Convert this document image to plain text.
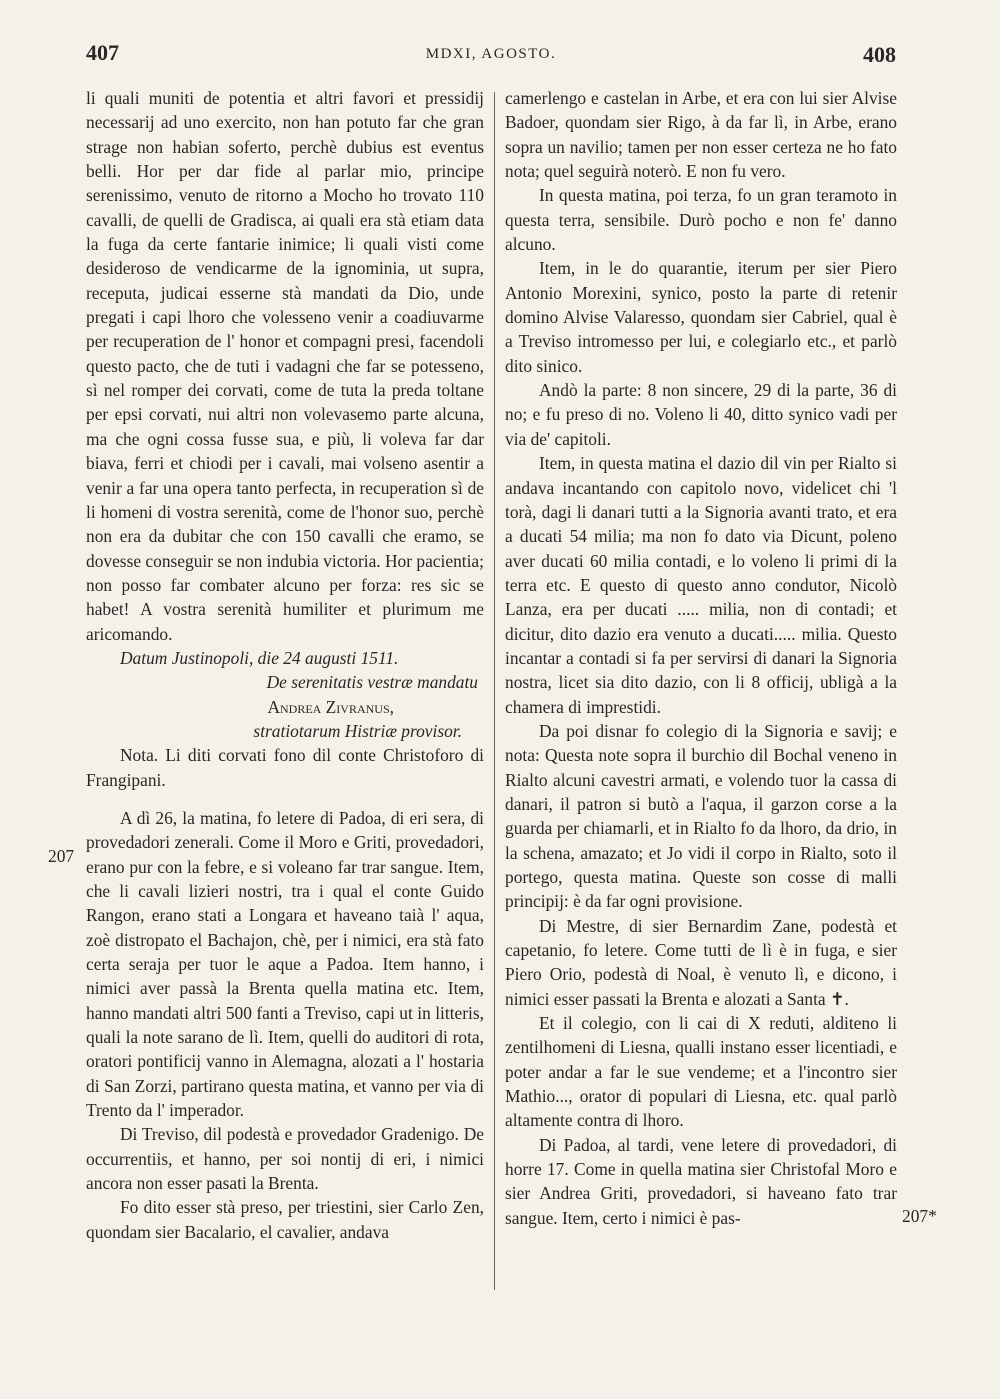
407	MDXI, AGOSTO.	408
207
207*

li quali muniti de potentia et altri favori et pressidij necessarij ad uno exercito, non han potuto far che gran strage non habian soferto, perchè dubius est eventus belli. Hor per dar fide al parlar mio, principe serenissimo, venuto de ritorno a Mocho ho trovato 110 cavalli, de quelli de Gradisca, ai quali era stà etiam data la fuga da certe fantarie inimice; li quali visti come desideroso de vendicarme de la ignominia, ut supra, receputa, judicai esserne stà mandati da Dio, unde pregati i capi lhoro che volesseno venir a coadiuvarme per recuperation de l' honor et compagni presi, facendoli questo pacto, che de tuti i vadagni che far se potesseno, sì nel romper dei corvati, come de tuta la preda toltane per epsi corvati, nui altri non volevasemo parte alcuna, ma che ogni cossa fusse sua, e più, li voleva far dar biava, ferri et chiodi per i cavali, mai volseno asentir a venir a far una opera tanto perfecta, in recuperation sì de li homeni di vostra serenità, come de l'honor suo, perchè non era da dubitar che con 150 cavalli che eramo, se dovesse conseguir se non indubia victoria. Hor pacientia; non posso far combater alcuno per forza: res sic se habet! A vostra serenità humiliter et plurimum me aricomando.

Datum Justinopoli, die 24 augusti 1511.

De serenitatis vestræ mandatu

Andrea Zivranus,

stratiotarum Histriæ provisor.

Nota. Li diti corvati fono dil conte Christoforo di Frangipani.

A dì 26, la matina, fo letere di Padoa, di eri sera, di provedadori zenerali. Come il Moro e Griti, provedadori, erano pur con la febre, e si voleano far trar sangue. Item, che li cavali lizieri nostri, tra i qual el conte Guido Rangon, erano stati a Longara et haveano taià l' aqua, zoè distropato el Bachajon, chè, per i nimici, era stà fato certa seraja per tuor le aque a Padoa. Item hanno, i nimici aver passà la Brenta quella matina etc. Item, hanno mandati altri 500 fanti a Treviso, capi ut in litteris, quali la note sarano de lì. Item, quelli do auditori di rota, oratori pontificij vanno in Alemagna, alozati a l' hostaria di San Zorzi, partirano questa matina, et vanno per via di Trento da l' imperador.

Di Treviso, dil podestà e provedador Gradenigo. De occurrentiis, et hanno, per soi nontij di eri, i nimici ancora non esser pasati la Brenta.

Fo dito esser stà preso, per triestini, sier Carlo Zen, quondam sier Bacalario, el cavalier, andava

camerlengo e castelan in Arbe, et era con lui sier Alvise Badoer, quondam sier Rigo, à da far lì, in Arbe, erano sopra un navilio; tamen per non esser certeza ne ho fato nota; quel seguirà noterò. E non fu vero.

In questa matina, poi terza, fo un gran teramoto in questa terra, sensibile. Durò pocho e non fe' danno alcuno.

Item, in le do quarantie, iterum per sier Piero Antonio Morexini, synico, posto la parte di retenir domino Alvise Valaresso, quondam sier Cabriel, qual è a Treviso intromesso per lui, e colegiarlo etc., et parlò dito sinico.

Andò la parte: 8 non sincere, 29 di la parte, 36 di no; e fu preso di no. Voleno li 40, ditto synico vadi per via de' capitoli.

Item, in questa matina el dazio dil vin per Rialto si andava incantando con capitolo novo, videlicet chi 'l torà, dagi li danari tutti a la Signoria avanti trato, et era a ducati 54 milia; ma non fo dato via Dicunt, poleno aver ducati 60 milia contadi, e lo voleno li primi di la terra etc. E questo di questo anno condutor, Nicolò Lanza, era per ducati ..... milia, non di contadi; et dicitur, dito dazio era venuto a ducati..... milia. Questo incantar a contadi si fa per servirsi di danari la Signoria nostra, licet sia dito dazio, con li 8 officij, ubligà a la chamera di imprestidi.

Da poi disnar fo colegio di la Signoria e savij; e nota: Questa note sopra il burchio dil Bochal veneno in Rialto alcuni cavestri armati, e volendo tuor la cassa di danari, il patron si butò a l'aqua, il garzon corse a la guarda per chiamarli, et in Rialto fo da lhoro, da drio, in la schena, amazato; et Jo vidi il corpo in Rialto, soto il portego, questa matina. Queste son cosse di malli principij: è da far ogni provisione.

Di Mestre, di sier Bernardim Zane, podestà et capetanio, fo letere. Come tutti de lì è in fuga, e sier Piero Orio, podestà di Noal, è venuto lì, e dicono, i nimici esser passati la Brenta e alozati a Santa ✝.

Et il colegio, con li cai di X reduti, alditeno li zentilhomeni di Liesna, qualli instano esser licentiadi, e poter andar a far le sue vendeme; et a l'incontro sier Mathio..., orator di populari di Liesna, etc. qual parlò altamente contra di lhoro.

Di Padoa, al tardi, vene letere di provedadori, di horre 17. Come in quella matina sier Christofal Moro e sier Andrea Griti, provedadori, si haveano fato trar sangue. Item, certo i nimici è pas-
